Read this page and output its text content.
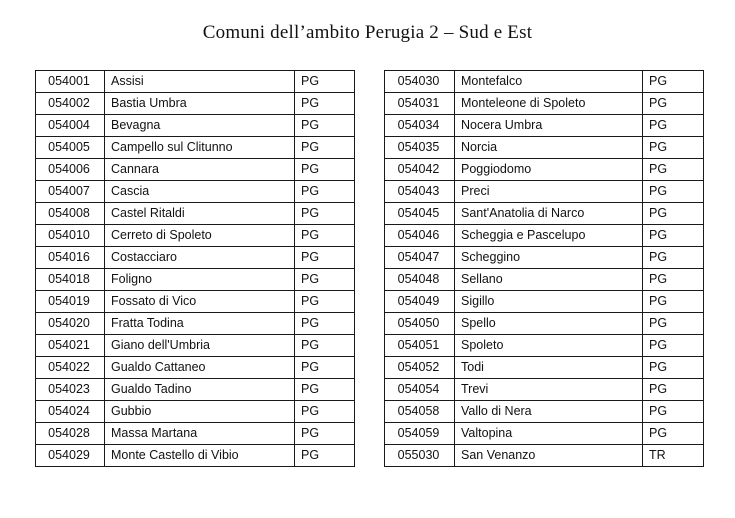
Comuni dell’ambito Perugia 2 – Sud e Est
054001	Assisi	PG
054002	Bastia Umbra	PG
054004	Bevagna	PG
054005	Campello sul Clitunno	PG
054006	Cannara	PG
054007	Cascia	PG
054008	Castel Ritaldi	PG
054010	Cerreto di Spoleto	PG
054016	Costacciaro	PG
054018	Foligno	PG
054019	Fossato di Vico	PG
054020	Fratta Todina	PG
054021	Giano dell'Umbria	PG
054022	Gualdo Cattaneo	PG
054023	Gualdo Tadino	PG
054024	Gubbio	PG
054028	Massa Martana	PG
054029	Monte Castello di Vibio	PG
054030	Montefalco	PG
054031	Monteleone di Spoleto	PG
054034	Nocera Umbra	PG
054035	Norcia	PG
054042	Poggiodomo	PG
054043	Preci	PG
054045	Sant'Anatolia di Narco	PG
054046	Scheggia e Pascelupo	PG
054047	Scheggino	PG
054048	Sellano	PG
054049	Sigillo	PG
054050	Spello	PG
054051	Spoleto	PG
054052	Todi	PG
054054	Trevi	PG
054058	Vallo di Nera	PG
054059	Valtopina	PG
055030	San Venanzo	TR
